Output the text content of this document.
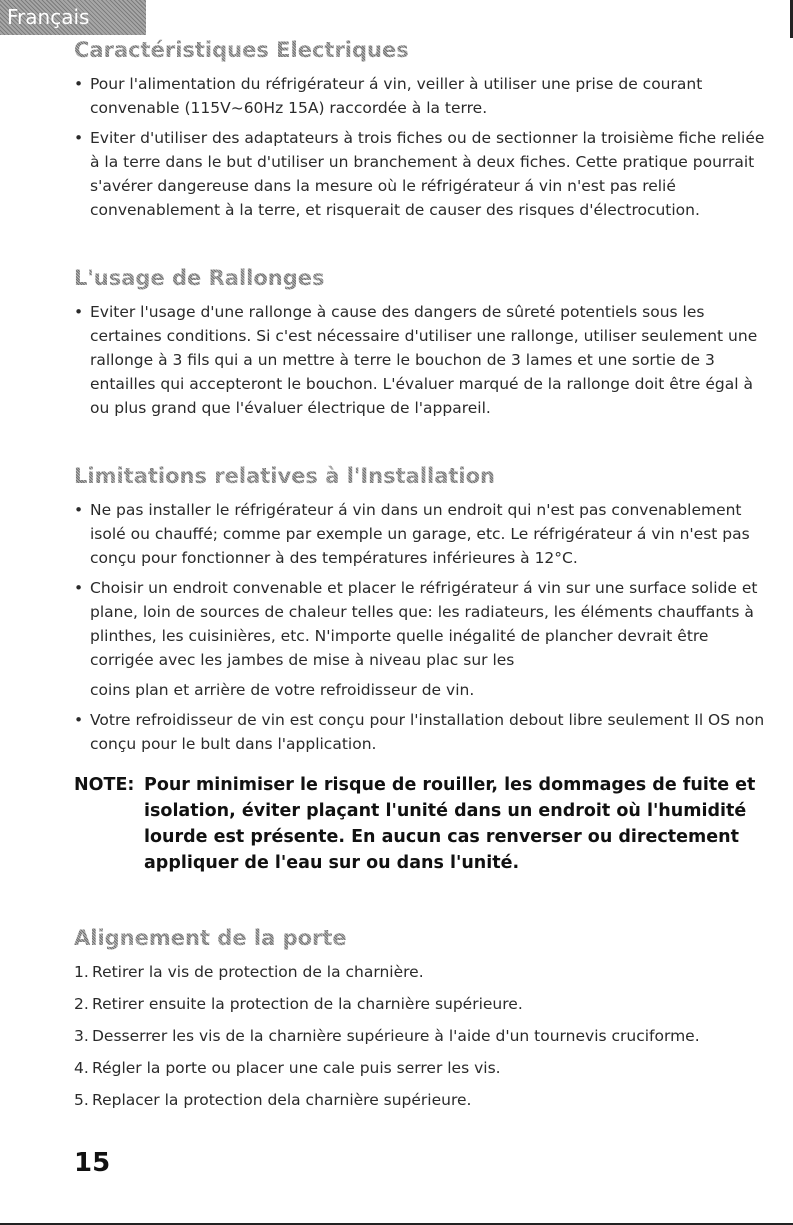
Français
Caractéristiques Electriques
• Pour l'alimentation du réfrigérateur á vin, veiller à utiliser une prise de courant convenable (115V~60Hz 15A) raccordée à la terre.
• Eviter d'utiliser des adaptateurs à trois fiches ou de sectionner la troisième fiche reliée à la terre dans le but d'utiliser un branchement à deux fiches. Cette pratique pourrait s'avérer dangereuse dans la mesure où le réfrigérateur á vin n'est pas relié convenablement à la terre, et risquerait de causer des risques d'électrocution.
L'usage de Rallonges
• Eviter l'usage d'une rallonge à cause des dangers de sûreté potentiels sous les certaines conditions. Si c'est nécessaire d'utiliser une rallonge, utiliser seulement une rallonge à 3 fils qui a un mettre à terre le bouchon de 3 lames et une sortie de 3 entailles qui accepteront le bouchon. L'évaluer marqué de la rallonge doit être égal à ou plus grand que l'évaluer électrique de l'appareil.
Limitations relatives à l'Installation
• Ne pas installer le réfrigérateur á vin dans un endroit qui n'est pas convenablement isolé ou chauffé; comme par exemple un garage, etc. Le réfrigérateur á vin n'est pas conçu pour fonctionner à des températures inférieures à 12°C.
• Choisir un endroit convenable et placer le réfrigérateur á vin sur une surface solide et plane, loin de sources de chaleur telles que: les radiateurs, les éléments chauffants à plinthes, les cuisinières, etc. N'importe quelle inégalité de plancher devrait être corrigée avec les jambes de mise à niveau plac sur les
coins plan et arrière de votre refroidisseur de vin.
• Votre refroidisseur de vin est conçu pour l'installation debout libre seulement Il OS non conçu pour le bult dans l'application.
NOTE: Pour minimiser le risque de rouiller, les dommages de fuite et isolation, éviter plaçant l'unité dans un endroit où l'humidité lourde est présente. En aucun cas renverser ou directement appliquer de l'eau sur ou dans l'unité.
Alignement de la porte
1. Retirer la vis de protection de la charnière.
2. Retirer ensuite la protection de la charnière supérieure.
3. Desserrer les vis de la charnière supérieure à l'aide d'un tournevis cruciforme.
4. Régler la porte ou placer une cale puis serrer les vis.
5. Replacer la protection dela charnière supérieure.
15
